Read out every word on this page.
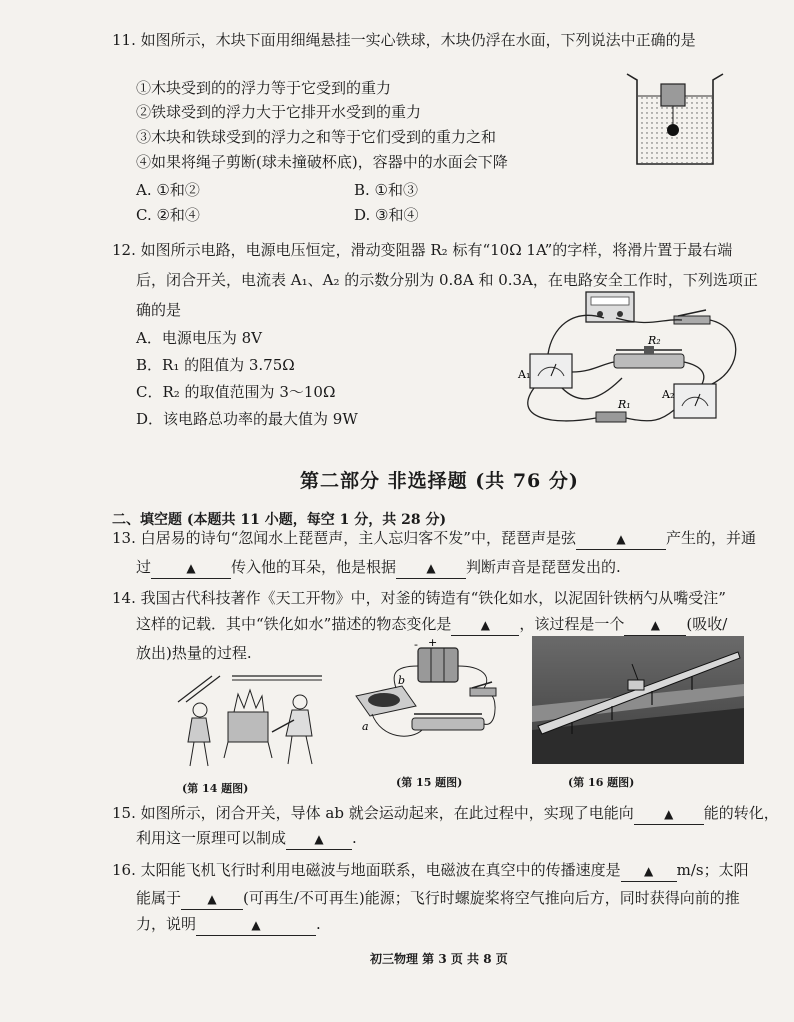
11. 如图所示，木块下面用细绳悬挂一实心铁球，木块仍浮在水面，下列说法中正确的是
①木块受到的的浮力等于它受到的重力
②铁球受到的浮力大于它排开水受到的重力
③木块和铁球受到的浮力之和等于它们受到的重力之和
④如果将绳子剪断(球未撞破杯底)，容器中的水面会下降
A. ①和②	B. ①和③
C. ②和④	D. ③和④
12. 如图所示电路，电源电压恒定，滑动变阻器 R₂ 标有“10Ω 1A”的字样，将滑片置于最右端
后，闭合开关，电流表 A₁、A₂ 的示数分别为 0.8A 和 0.3A，在电路安全工作时，下列选项正
确的是
A．电源电压为 8V
B．R₁ 的阻值为 3.75Ω
C．R₂ 的取值范围为 3～10Ω
D．该电路总功率的最大值为 9W
R₂
R₁
A₁
A₂
第二部分 非选择题 (共 76 分)
二、填空题 (本题共 11 小题，每空 1 分，共 28 分)
13. 白居易的诗句“忽闻水上琵琶声，主人忘归客不发”中，琵琶声是弦	▲	产生的，并通
过	▲ 传入他的耳朵，他是根据	▲ 判断声音是琵琶发出的.
14. 我国古代科技著作《天工开物》中，对釜的铸造有“铁化如水，以泥固针铁柄勺从嘴受注”
这样的记载．其中“铁化如水”描述的物态变化是 ▲ ，该过程是一个 ▲ (吸收/
放出)热量的过程.
(第 14 题图)
+
-
b
a
(第 15 题图)	(第 16 题图)
15. 如图所示，闭合开关，导体 ab 就会运动起来，在此过程中，实现了电能向	▲ 能的转化，
利用这一原理可以制成 ▲ .
16. 太阳能飞机飞行时利用电磁波与地面联系，电磁波在真空中的传播速度是 ▲ m/s；太阳
能属于 ▲ (可再生/不可再生)能源；飞行时螺旋桨将空气推向后方，同时获得向前的推
力，说明	▲	.
初三物理 第 3 页 共 8 页
